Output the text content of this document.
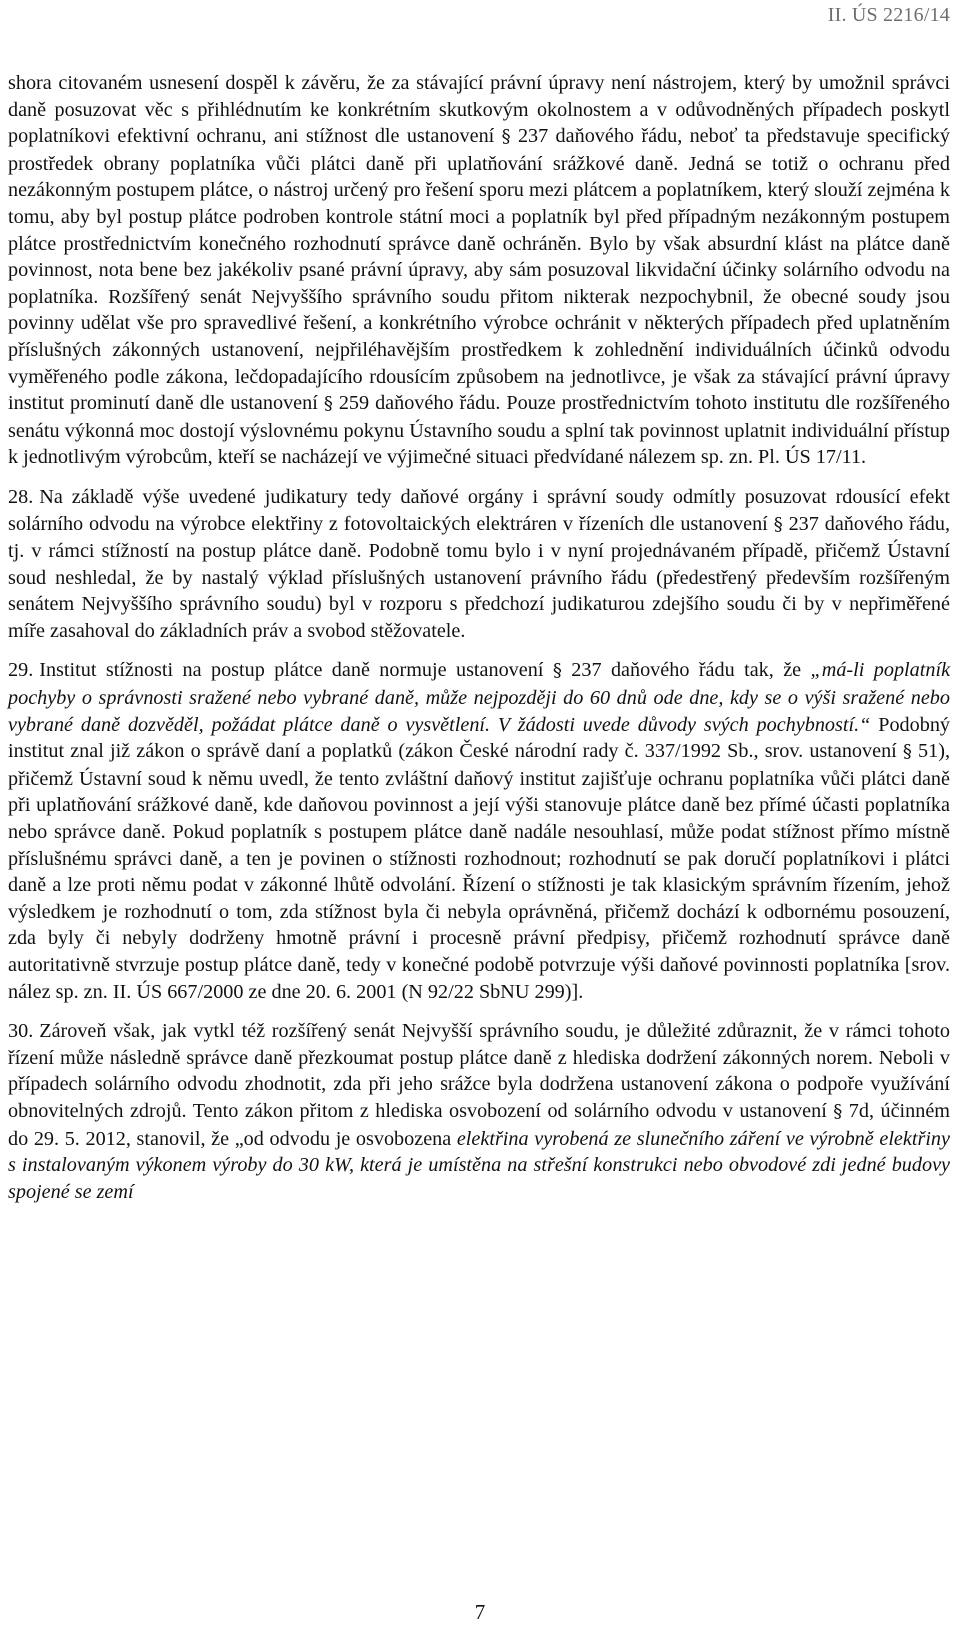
II. ÚS 2216/14

shora citovaném usnesení dospěl k závěru, že za stávající právní úpravy není nástrojem, který by umožnil správci daně posuzovat věc s přihlédnutím ke konkrétním skutkovým okolnostem a v odůvodněných případech poskytl poplatníkovi efektivní ochranu, ani stížnost dle ustanovení § 237 daňového řádu, neboť ta představuje specifický prostředek obrany poplatníka vůči plátci daně při uplatňování srážkové daně. Jedná se totiž o ochranu před nezákonným postupem plátce, o nástroj určený pro řešení sporu mezi plátcem a poplatníkem, který slouží zejména k tomu, aby byl postup plátce podroben kontrole státní moci a poplatník byl před případným nezákonným postupem plátce prostřednictvím konečného rozhodnutí správce daně ochráněn. Bylo by však absurdní klást na plátce daně povinnost, nota bene bez jakékoliv psané právní úpravy, aby sám posuzoval likvidační účinky solárního odvodu na poplatníka. Rozšířený senát Nejvyššího správního soudu přitom nikterak nezpochybnil, že obecné soudy jsou povinny udělat vše pro spravedlivé řešení, a konkrétního výrobce ochránit v některých případech před uplatněním příslušných zákonných ustanovení, nejpřiléhavějším prostředkem k zohlednění individuálních účinků odvodu vyměřeného podle zákona, lečdopadajícího rdousícím způsobem na jednotlivce, je však za stávající právní úpravy institut prominutí daně dle ustanovení § 259 daňového řádu. Pouze prostřednictvím tohoto institutu dle rozšířeného senátu výkonná moc dostojí výslovnému pokynu Ústavního soudu a splní tak povinnost uplatnit individuální přístup k jednotlivým výrobcům, kteří se nacházejí ve výjimečné situaci předvídané nálezem sp. zn. Pl. ÚS 17/11.

28. Na základě výše uvedené judikatury tedy daňové orgány i správní soudy odmítly posuzovat rdousící efekt solárního odvodu na výrobce elektřiny z fotovoltaických elektráren v řízeních dle ustanovení § 237 daňového řádu, tj. v rámci stížností na postup plátce daně. Podobně tomu bylo i v nyní projednávaném případě, přičemž Ústavní soud neshledal, že by nastalý výklad příslušných ustanovení právního řádu (předestřený především rozšířeným senátem Nejvyššího správního soudu) byl v rozporu s předchozí judikaturou zdejšího soudu či by v nepřiměřené míře zasahoval do základních práv a svobod stěžovatele.

29. Institut stížnosti na postup plátce daně normuje ustanovení § 237 daňového řádu tak, že „má-li poplatník pochyby o správnosti sražené nebo vybrané daně, může nejpozději do 60 dnů ode dne, kdy se o výši sražené nebo vybrané daně dozvěděl, požádat plátce daně o vysvětlení. V žádosti uvede důvody svých pochybností.“ Podobný institut znal již zákon o správě daní a poplatků (zákon České národní rady č. 337/1992 Sb., srov. ustanovení § 51), přičemž Ústavní soud k němu uvedl, že tento zvláštní daňový institut zajišťuje ochranu poplatníka vůči plátci daně při uplatňování srážkové daně, kde daňovou povinnost a její výši stanovuje plátce daně bez přímé účasti poplatníka nebo správce daně. Pokud poplatník s postupem plátce daně nadále nesouhlasí, může podat stížnost přímo místně příslušnému správci daně, a ten je povinen o stížnosti rozhodnout; rozhodnutí se pak doručí poplatníkovi i plátci daně a lze proti němu podat v zákonné lhůtě odvolání. Řízení o stížnosti je tak klasickým správním řízením, jehož výsledkem je rozhodnutí o tom, zda stížnost byla či nebyla oprávněná, přičemž dochází k odbornému posouzení, zda byly či nebyly dodrženy hmotně právní i procesně právní předpisy, přičemž rozhodnutí správce daně autoritativně stvrzuje postup plátce daně, tedy v konečné podobě potvrzuje výši daňové povinnosti poplatníka [srov. nález sp. zn. II. ÚS 667/2000 ze dne 20. 6. 2001 (N 92/22 SbNU 299)].

30. Zároveň však, jak vytkl též rozšířený senát Nejvyšší správního soudu, je důležité zdůraznit, že v rámci tohoto řízení může následně správce daně přezkoumat postup plátce daně z hlediska dodržení zákonných norem. Neboli v případech solárního odvodu zhodnotit, zda při jeho srážce byla dodržena ustanovení zákona o podpoře využívání obnovitelných zdrojů. Tento zákon přitom z hlediska osvobození od solárního odvodu v ustanovení § 7d, účinném do 29. 5. 2012, stanovil, že „od odvodu je osvobozena elektřina vyrobená ze slunečního záření ve výrobně elektřiny s instalovaným výkonem výroby do 30 kW, která je umístěna na střešní konstrukci nebo obvodové zdi jedné budovy spojené se zemí

7
